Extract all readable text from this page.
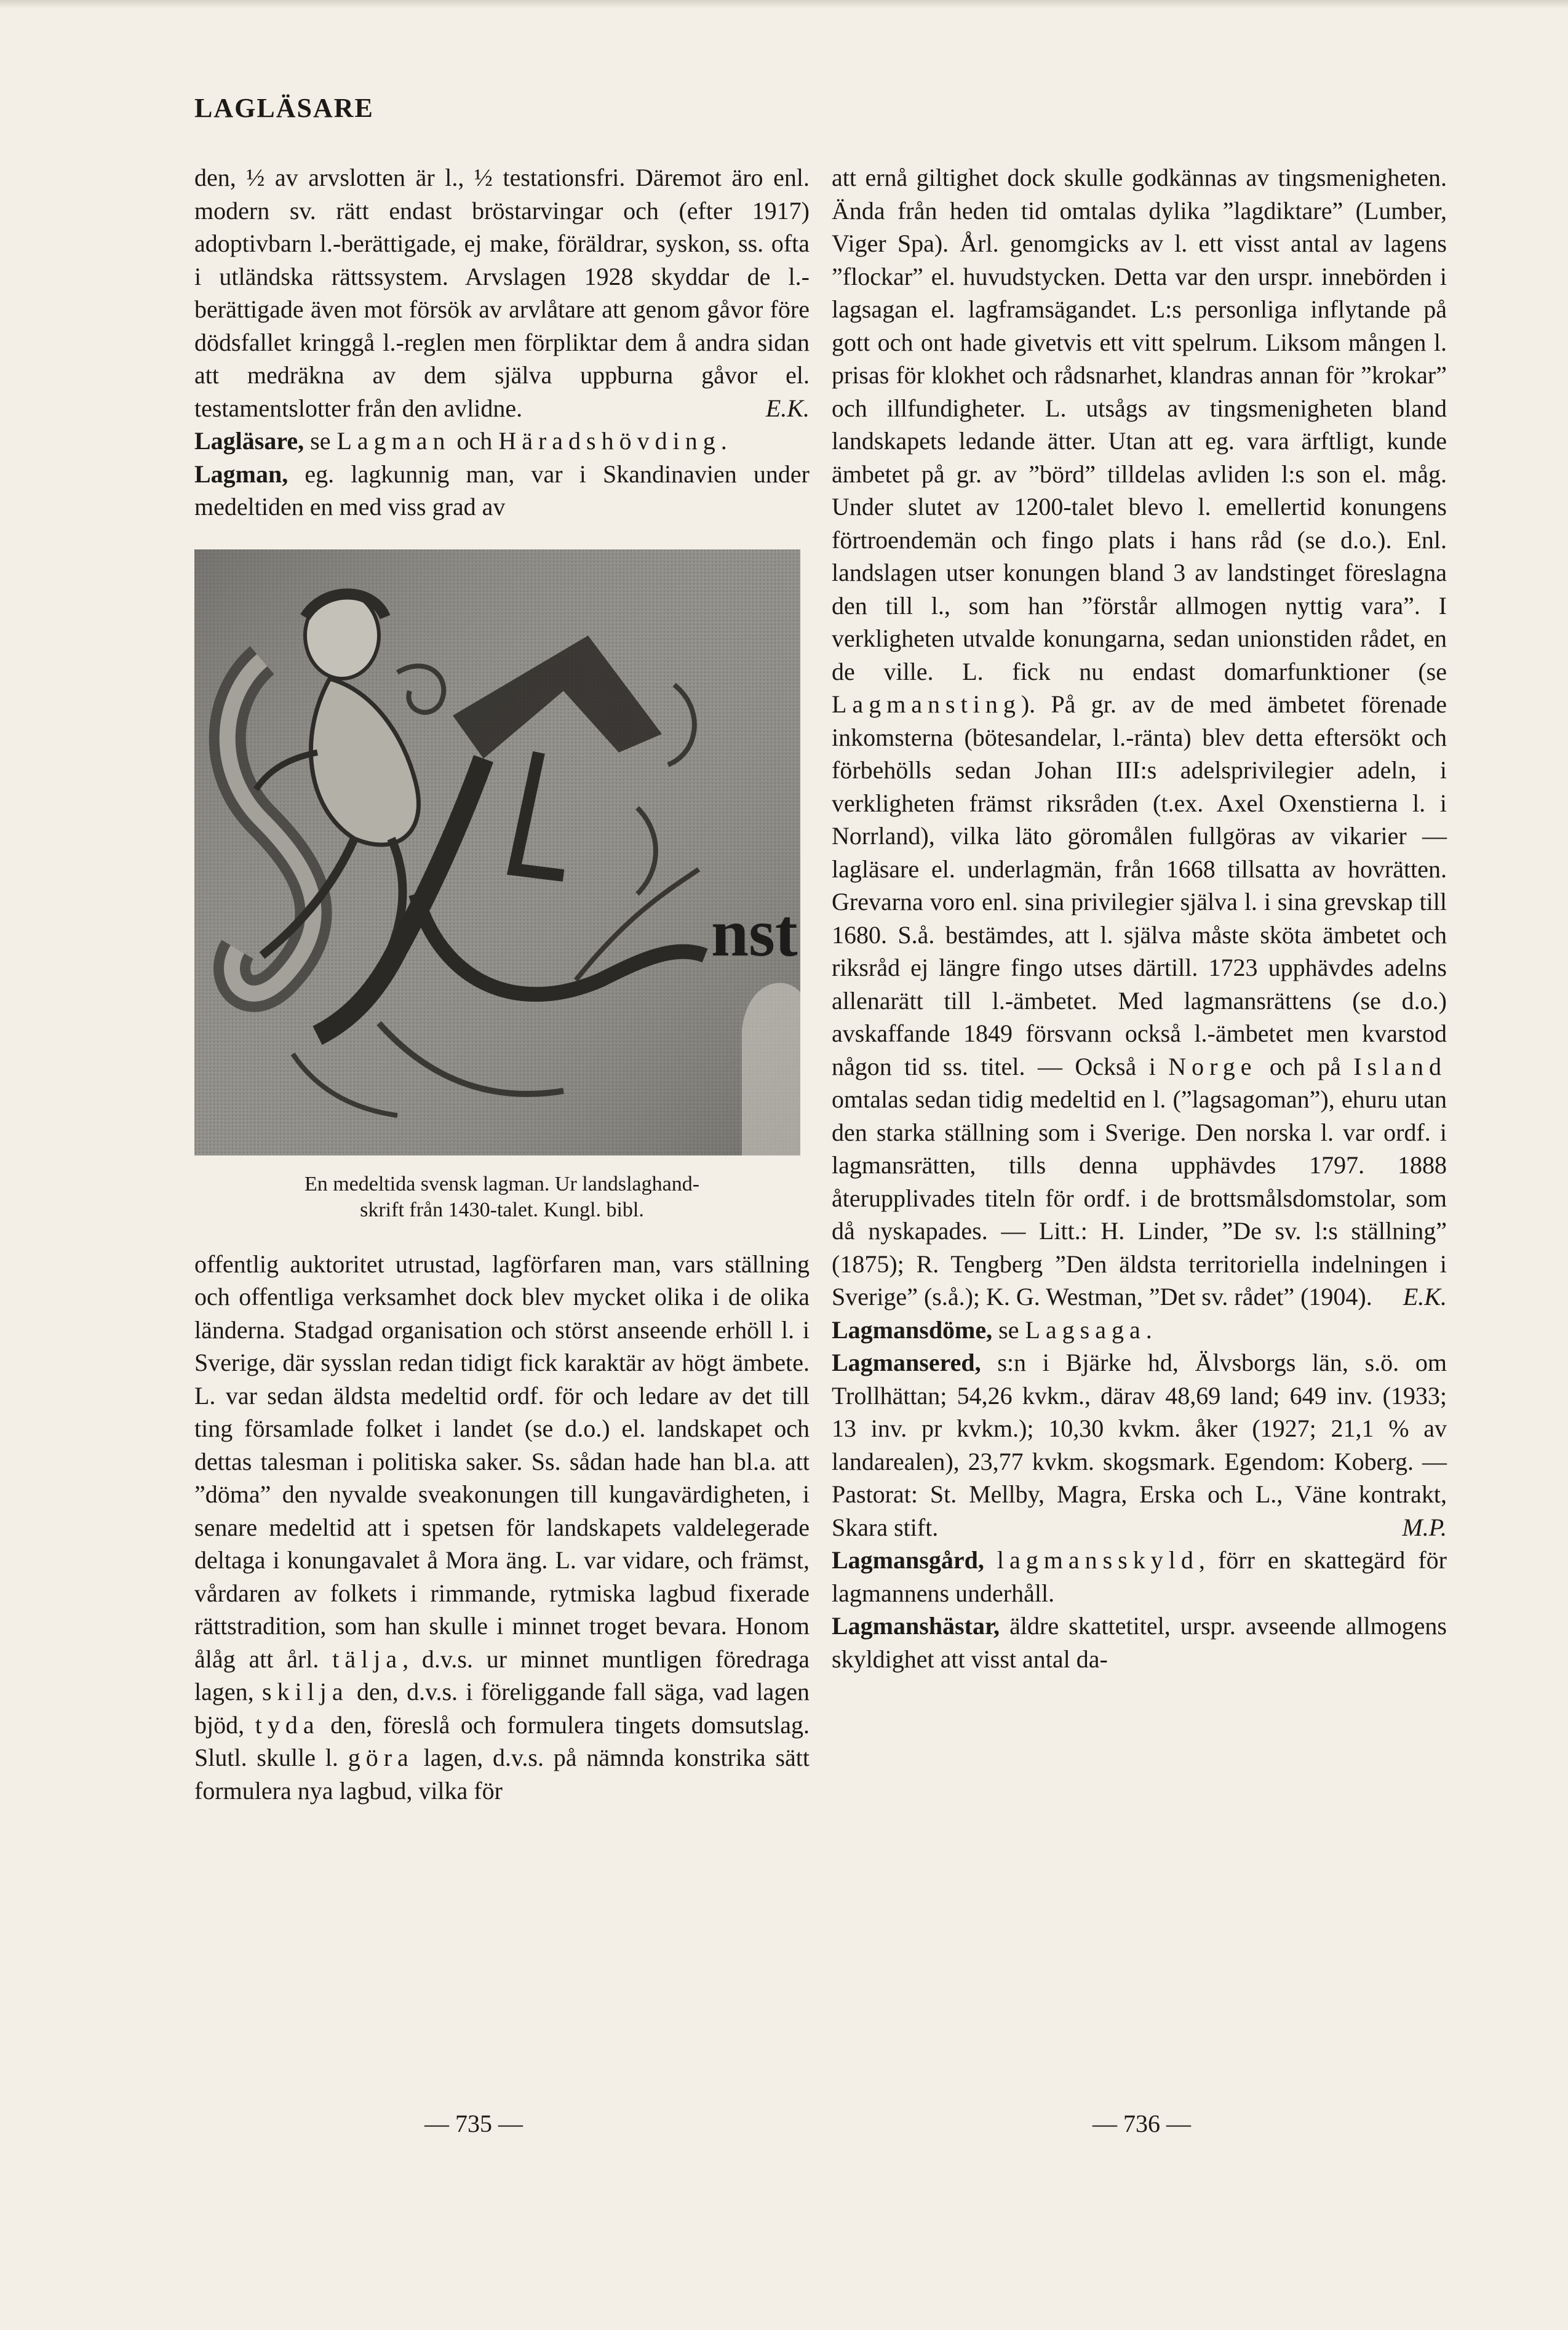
LAGLÄSARE

den, ½ av arvslotten är l., ½ testationsfri. Däremot äro enl. modern sv. rätt endast bröstarvingar och (efter 1917) adoptivbarn l.-berättigade, ej make, föräldrar, syskon, ss. ofta i utländska rättssystem. Arvslagen 1928 skyddar de l.-berättigade även mot försök av arvlåtare att genom gåvor före dödsfallet kringgå l.-reglen men förpliktar dem å andra sidan att medräkna av dem själva uppburna gåvor el. testamentslotter från den avlidne.	E.K.

Lagläsare, se Lagman och Häradshövding.

Lagman, eg. lagkunnig man, var i Skandinavien under medeltiden en med viss grad av

nst
En medeltida svensk lagman. Ur landslaghand-
skrift från 1430-talet. Kungl. bibl.

offentlig auktoritet utrustad, lagförfaren man, vars ställning och offentliga verksamhet dock blev mycket olika i de olika länderna. Stadgad organisation och störst anseende erhöll l. i Sverige, där sysslan redan tidigt fick karaktär av högt ämbete. L. var sedan äldsta medeltid ordf. för och ledare av det till ting församlade folket i landet (se d.o.) el. landskapet och dettas talesman i politiska saker. Ss. sådan hade han bl.a. att ”döma” den nyvalde sveakonungen till kungavärdigheten, i senare medeltid att i spetsen för landskapets valdelegerade deltaga i konungavalet å Mora äng. L. var vidare, och främst, vårdaren av folkets i rimmande, rytmiska lagbud fixerade rättstradition, som han skulle i minnet troget bevara. Honom ålåg att årl. tälja, d.v.s. ur minnet muntligen föredraga lagen, skilja den, d.v.s. i föreliggande fall säga, vad lagen bjöd, tyda den, föreslå och formulera tingets domsutslag. Slutl. skulle l. göra lagen, d.v.s. på nämnda konstrika sätt formulera nya lagbud, vilka för

att ernå giltighet dock skulle godkännas av tingsmenigheten. Ända från heden tid omtalas dylika ”lagdiktare” (Lumber, Viger Spa). Årl. genomgicks av l. ett visst antal av lagens ”flockar” el. huvudstycken. Detta var den urspr. innebörden i lagsagan el. lagframsägandet. L:s personliga inflytande på gott och ont hade givetvis ett vitt spelrum. Liksom mången l. prisas för klokhet och rådsnarhet, klandras annan för ”krokar” och illfundigheter. L. utsågs av tingsmenigheten bland landskapets ledande ätter. Utan att eg. vara ärftligt, kunde ämbetet på gr. av ”börd” tilldelas avliden l:s son el. måg. Under slutet av 1200-talet blevo l. emellertid konungens förtroendemän och fingo plats i hans råd (se d.o.). Enl. landslagen utser konungen bland 3 av landstinget föreslagna den till l., som han ”förstår allmogen nyttig vara”. I verkligheten utvalde konungarna, sedan unionstiden rådet, en de ville. L. fick nu endast domarfunktioner (se Lagmansting). På gr. av de med ämbetet förenade inkomsterna (bötesandelar, l.-ränta) blev detta eftersökt och förbehölls sedan Johan III:s adelsprivilegier adeln, i verkligheten främst riksråden (t.ex. Axel Oxenstierna l. i Norrland), vilka läto göromålen fullgöras av vikarier — lagläsare el. underlagmän, från 1668 tillsatta av hovrätten. Grevarna voro enl. sina privilegier själva l. i sina grevskap till 1680. S.å. bestämdes, att l. själva måste sköta ämbetet och riksråd ej längre fingo utses därtill. 1723 upphävdes adelns allenarätt till l.-ämbetet. Med lagmansrättens (se d.o.) avskaffande 1849 försvann också l.-ämbetet men kvarstod någon tid ss. titel. — Också i Norge och på Island omtalas sedan tidig medeltid en l. (”lagsagoman”), ehuru utan den starka ställning som i Sverige. Den norska l. var ordf. i lagmansrätten, tills denna upphävdes 1797. 1888 återupplivades titeln för ordf. i de brottsmålsdomstolar, som då nyskapades. — Litt.: H. Linder, ”De sv. l:s ställning” (1875); R. Tengberg ”Den äldsta territoriella indelningen i Sverige” (s.å.); K. G. Westman, ”Det sv. rådet” (1904). E.K.

Lagmansdöme, se Lagsaga.

Lagmansered, s:n i Bjärke hd, Älvsborgs län, s.ö. om Trollhättan; 54,26 kvkm., därav 48,69 land; 649 inv. (1933; 13 inv. pr kvkm.); 10,30 kvkm. åker (1927; 21,1 % av landarealen), 23,77 kvkm. skogsmark. Egendom: Koberg. — Pastorat: St. Mellby, Magra, Erska och L., Väne kontrakt, Skara stift.	M.P.

Lagmansgård, lagmansskyld, förr en skattegärd för lagmannens underhåll.

Lagmanshästar, äldre skattetitel, urspr. avseende allmogens skyldighet att visst antal da-

— 735 —	— 736 —
